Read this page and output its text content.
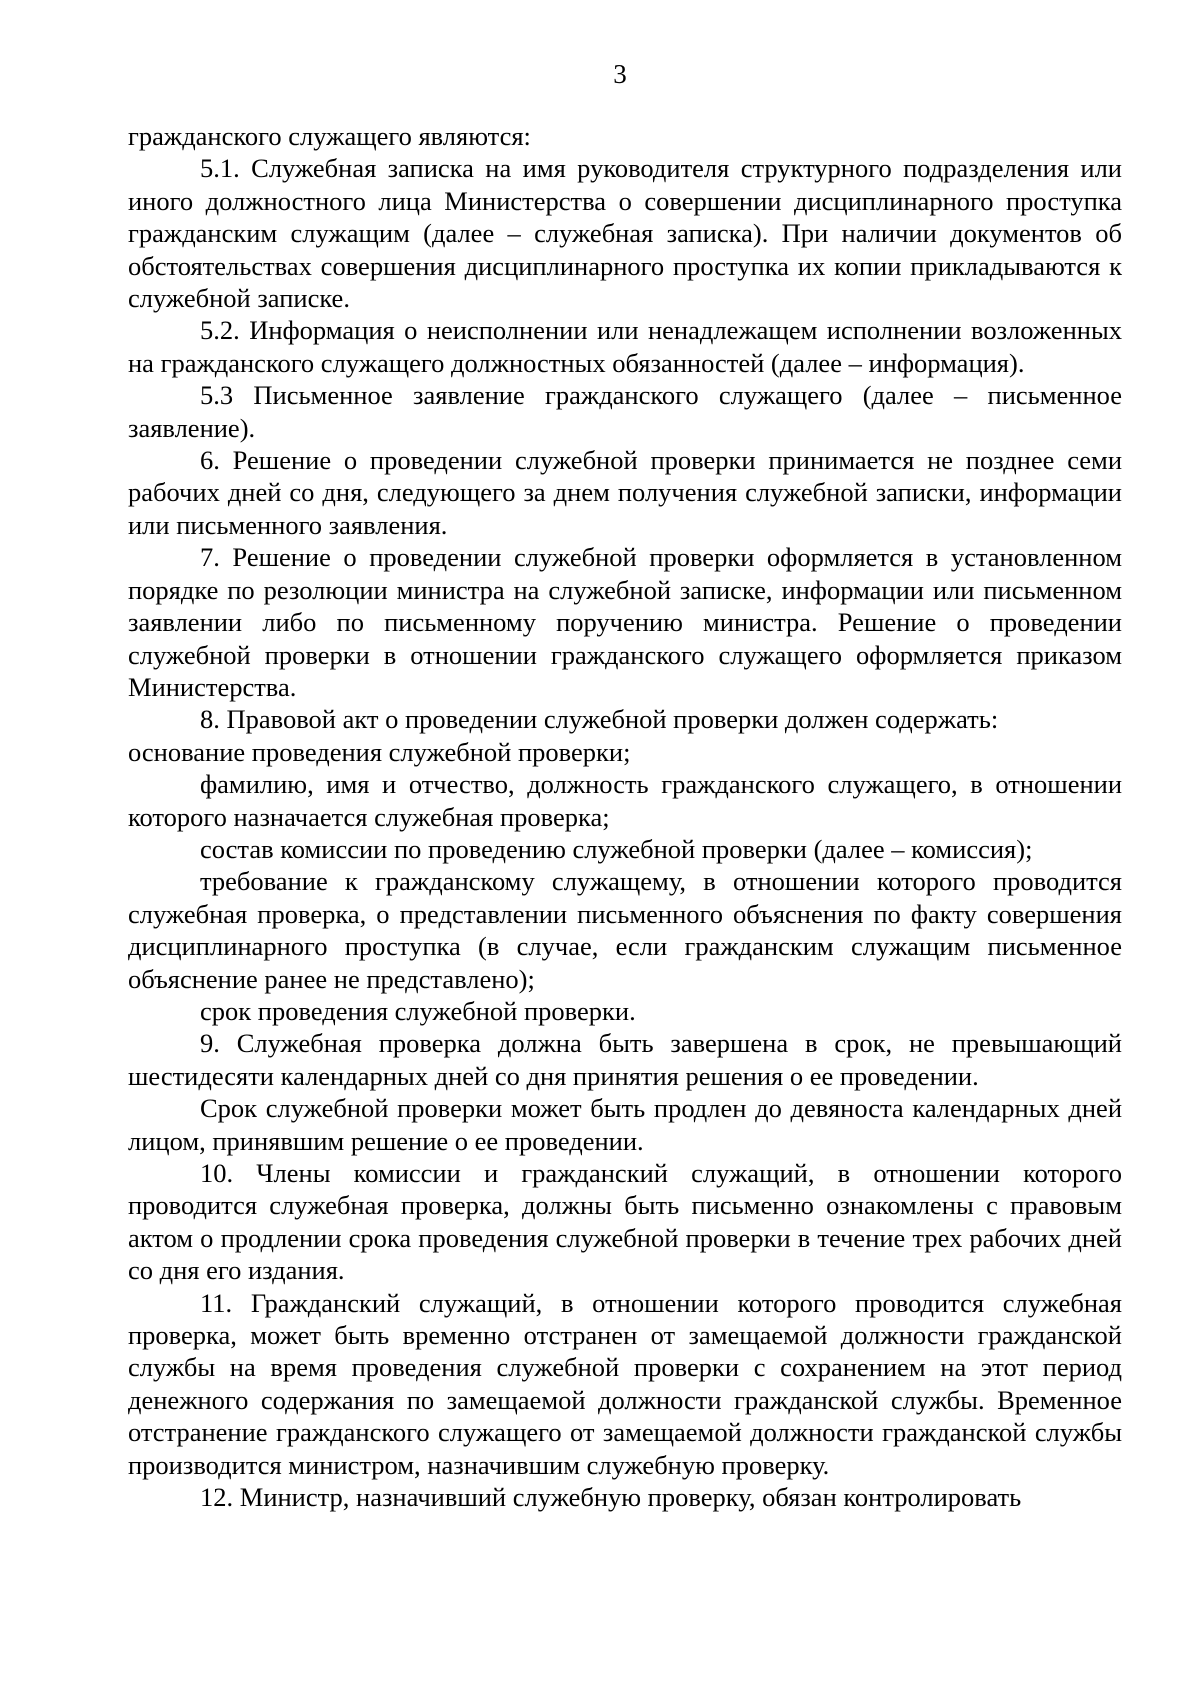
3

гражданского служащего являются:

5.1. Служебная записка на имя руководителя структурного подразделения или иного должностного лица Министерства о совершении дисциплинарного проступка гражданским служащим (далее – служебная записка). При наличии документов об обстоятельствах совершения дисциплинарного проступка их копии прикладываются к служебной записке.

5.2. Информация о неисполнении или ненадлежащем исполнении возложенных на гражданского служащего должностных обязанностей (далее – информация).

5.3 Письменное заявление гражданского служащего (далее – письменное заявление).

6. Решение о проведении служебной проверки принимается не позднее семи рабочих дней со дня, следующего за днем получения служебной записки, информации или письменного заявления.

7. Решение о проведении служебной проверки оформляется в установленном порядке по резолюции министра на служебной записке, информации или письменном заявлении либо по письменному поручению министра. Решение о проведении служебной проверки в отношении гражданского служащего оформляется приказом Министерства.

8. Правовой акт о проведении служебной проверки должен содержать:

основание проведения служебной проверки;

фамилию, имя и отчество, должность гражданского служащего, в отношении которого назначается служебная проверка;

состав комиссии по проведению служебной проверки (далее – комиссия);

требование к гражданскому служащему, в отношении которого проводится служебная проверка, о представлении письменного объяснения по факту совершения дисциплинарного проступка (в случае, если гражданским служащим письменное объяснение ранее не представлено);

срок проведения служебной проверки.

9. Служебная проверка должна быть завершена в срок, не превышающий шестидесяти календарных дней со дня принятия решения о ее проведении.

Срок служебной проверки может быть продлен до девяноста календарных дней лицом, принявшим решение о ее проведении.

10. Члены комиссии и гражданский служащий, в отношении которого проводится служебная проверка, должны быть письменно ознакомлены с правовым актом о продлении срока проведения служебной проверки в течение трех рабочих дней со дня его издания.

11. Гражданский служащий, в отношении которого проводится служебная проверка, может быть временно отстранен от замещаемой должности гражданской службы на время проведения служебной проверки с сохранением на этот период денежного содержания по замещаемой должности гражданской службы. Временное отстранение гражданского служащего от замещаемой должности гражданской службы производится министром, назначившим служебную проверку.

12. Министр, назначивший служебную проверку, обязан контролировать
